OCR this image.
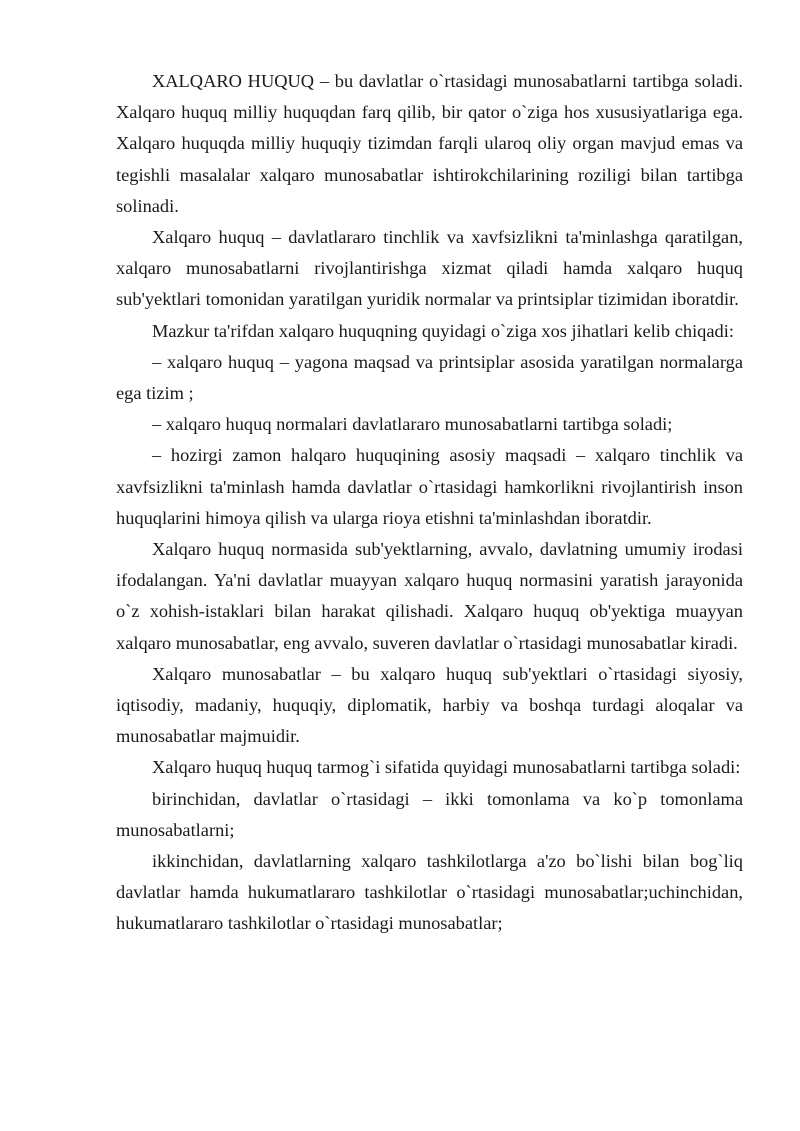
XALQARO HUQUQ – bu davlatlar o`rtasidagi munosabatlarni tartibga soladi. Xalqaro huquq milliy huquqdan farq qilib, bir qator o`ziga hos xususiyatlariga ega. Xalqaro huquqda milliy huquqiy tizimdan farqli ularoq oliy organ mavjud emas va tegishli masalalar xalqaro munosabatlar ishtirokchilarining roziligi bilan tartibga solinadi.

Xalqaro huquq – davlatlararo tinchlik va xavfsizlikni ta'minlashga qaratilgan, xalqaro munosabatlarni rivojlantirishga xizmat qiladi hamda xalqaro huquq sub'yektlari tomonidan yaratilgan yuridik normalar va printsiplar tizimidan iboratdir.

Mazkur ta'rifdan xalqaro huquqning quyidagi o`ziga xos jihatlari kelib chiqadi:

– xalqaro huquq – yagona maqsad va printsiplar asosida yaratilgan normalarga ega tizim ;

– xalqaro huquq normalari davlatlararo munosabatlarni tartibga soladi;

– hozirgi zamon halqaro huquqining asosiy maqsadi – xalqaro tinchlik va xavfsizlikni ta'minlash hamda davlatlar o`rtasidagi hamkorlikni rivojlantirish inson huquqlarini himoya qilish va ularga rioya etishni ta'minlashdan iboratdir.

Xalqaro huquq normasida sub'yektlarning, avvalo, davlatning umumiy irodasi ifodalangan. Ya'ni davlatlar muayyan xalqaro huquq normasini yaratish jarayonida o`z xohish-istaklari bilan harakat qilishadi. Xalqaro huquq ob'yektiga muayyan xalqaro munosabatlar, eng avvalo, suveren davlatlar o`rtasidagi munosabatlar kiradi.

Xalqaro munosabatlar – bu xalqaro huquq sub'yektlari o`rtasidagi siyosiy, iqtisodiy, madaniy, huquqiy, diplomatik, harbiy va boshqa turdagi aloqalar va munosabatlar majmuidir.

Xalqaro huquq huquq tarmog`i sifatida quyidagi munosabatlarni tartibga soladi:

birinchidan, davlatlar o`rtasidagi – ikki tomonlama va ko`p tomonlama munosabatlarni;

ikkinchidan, davlatlarning xalqaro tashkilotlarga a'zo bo`lishi bilan bog`liq davlatlar hamda hukumatlararo tashkilotlar o`rtasidagi munosabatlar;uchinchidan, hukumatlararo tashkilotlar o`rtasidagi munosabatlar;
